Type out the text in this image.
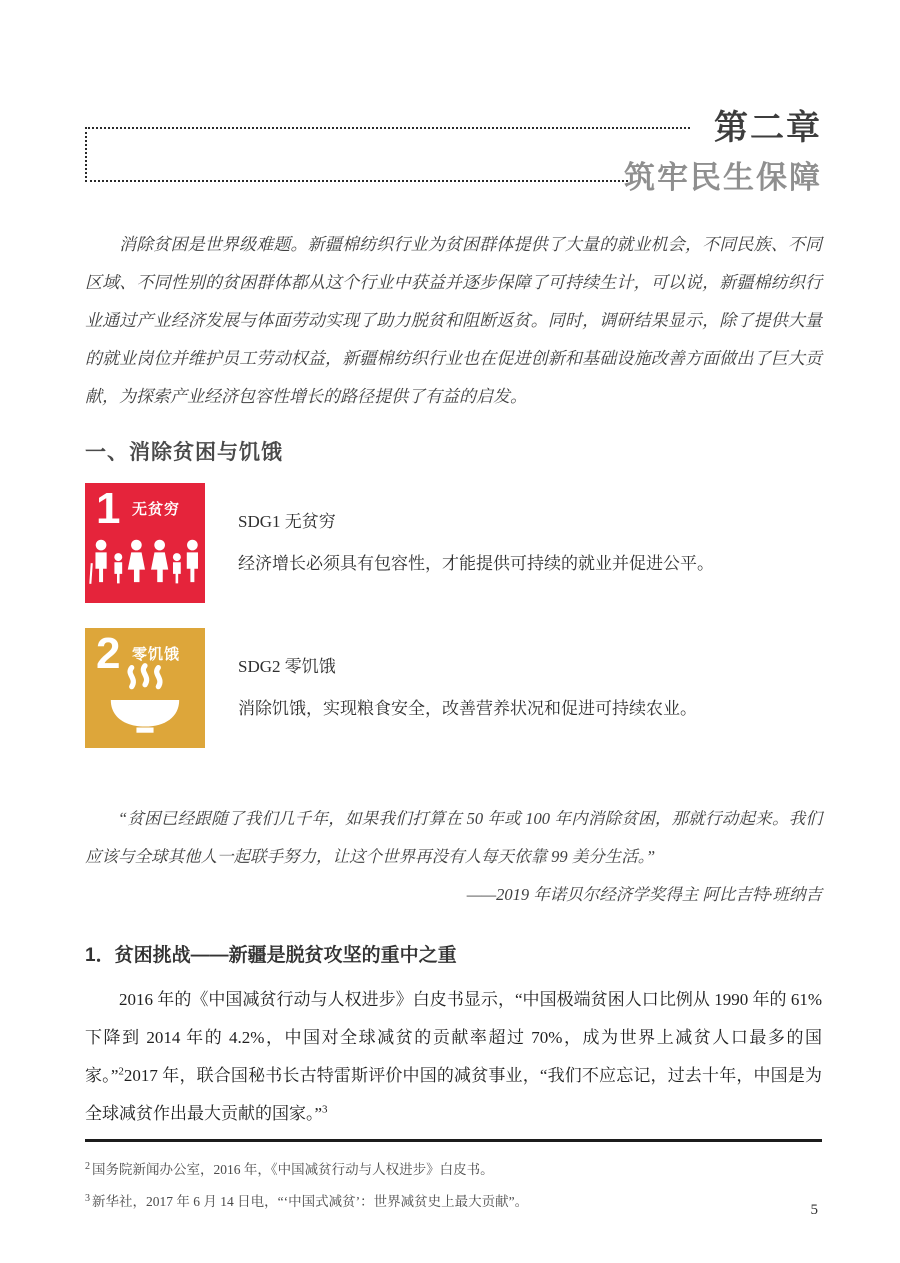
第二章
筑牢民生保障

消除贫困是世界级难题。新疆棉纺织行业为贫困群体提供了大量的就业机会，不同民族、不同区域、不同性别的贫困群体都从这个行业中获益并逐步保障了可持续生计，可以说，新疆棉纺织行业通过产业经济发展与体面劳动实现了助力脱贫和阻断返贫。同时，调研结果显示，除了提供大量的就业岗位并维护员工劳动权益，新疆棉纺织行业也在促进创新和基础设施改善方面做出了巨大贡献，为探索产业经济包容性增长的路径提供了有益的启发。

一、消除贫困与饥饿
1 无贫穷
SDG1 无贫穷
经济增长必须具有包容性，才能提供可持续的就业并促进公平。
2 零饥饿
SDG2 零饥饿
消除饥饿，实现粮食安全，改善营养状况和促进可持续农业。

“贫困已经跟随了我们几千年，如果我们打算在 50 年或 100 年内消除贫困，那就行动起来。我们应该与全球其他人一起联手努力，让这个世界再没有人每天依靠 99 美分生活。”

——2019 年诺贝尔经济学奖得主 阿比吉特·班纳吉

1．贫困挑战——新疆是脱贫攻坚的重中之重

2016 年的《中国减贫行动与人权进步》白皮书显示，“中国极端贫困人口比例从 1990 年的 61%下降到 2014 年的 4.2%，中国对全球减贫的贡献率超过 70%，成为世界上减贫人口最多的国家。”$^2$2017 年，联合国秘书长古特雷斯评价中国的减贫事业，“我们不应忘记，过去十年，中国是为全球减贫作出最大贡献的国家。”$^3$

$^2$ 国务院新闻办公室，2016 年，《中国减贫行动与人权进步》白皮书。
$^3$ 新华社，2017 年 6 月 14 日电，“‘中国式减贫’：世界减贫史上最大贡献”。
5
